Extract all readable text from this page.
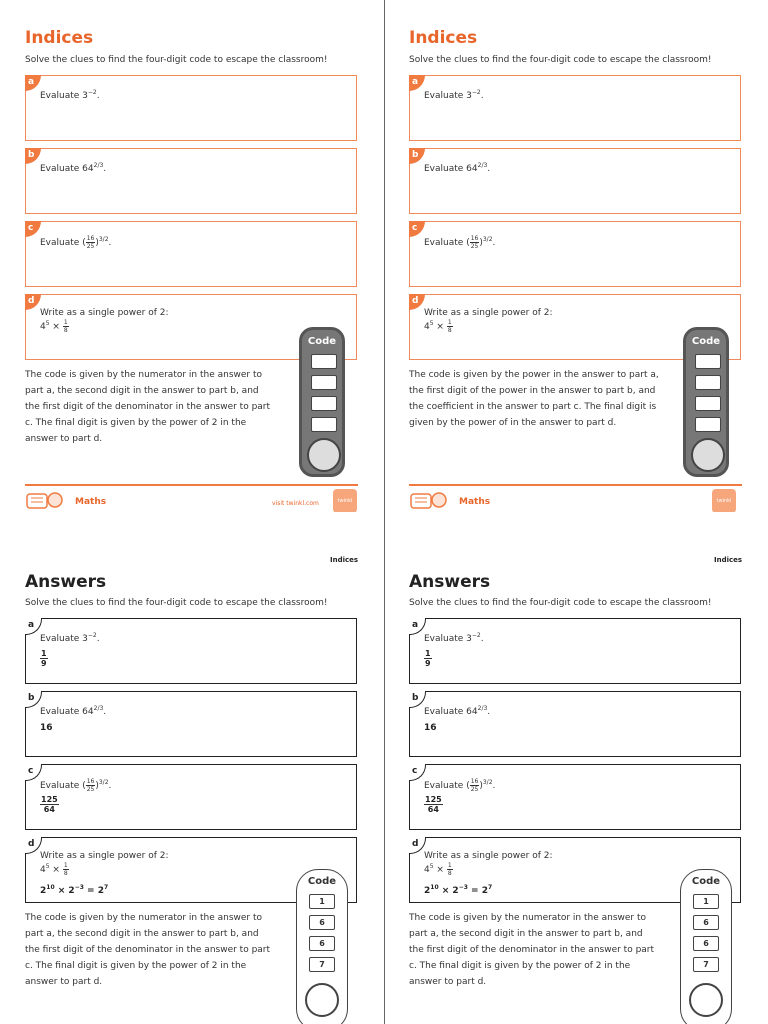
Indices
Solve the clues to find the four-digit code to escape the classroom!
a
Evaluate $3^{-2}$.
b
Evaluate $64^{2/3}$.
c
Evaluate ( $\frac{16}{25})^{3/2}$.
d
Write as a single power of 2:
$4^5 \times \frac{1}{8}$
The code is given by the numerator in the answer to part a, the second digit in the answer to part b, and the first digit of the denominator in the answer to part c. The final digit is given by the power of 2 in the answer to part d.
Code
Maths	visit twinkl.com	twinkl
Indices
Solve the clues to find the four-digit code to escape the classroom!
a
Evaluate $3^{-2}$.
b
Evaluate $64^{2/3}$.
c
Evaluate ( $\frac{16}{25})^{3/2}$.
d
Write as a single power of 2:
$4^5 \times \frac{1}{8}$
The code is given by the power in the answer to part a, the first digit of the power in the answer to part b, and the coefficient in the answer to part c. The final digit is given by the power of in the answer to part d.
Code
Maths	twinkl
Indices
Answers
Solve the clues to find the four-digit code to escape the classroom!
a
Evaluate $3^{-2}$.
$\frac{1}{9}$
b
Evaluate $64^{2/3}$.
16
c
Evaluate ( $\frac{16}{25})^{3/2}$.
$\frac{125}{64}$
d
Write as a single power of 2:
$4^5 \times \frac{1}{8}$
$2^{10} \times 2^{-3} = 2^7$
The code is given by the numerator in the answer to part a, the second digit in the answer to part b, and the first digit of the denominator in the answer to part c. The final digit is given by the power of 2 in the answer to part d.
Code
1
6
6
7
Indices
Answers
Solve the clues to find the four-digit code to escape the classroom!
a
Evaluate $3^{-2}$.
$\frac{1}{9}$
b
Evaluate $64^{2/3}$.
16
c
Evaluate ( $\frac{16}{25})^{3/2}$.
$\frac{125}{64}$
d
Write as a single power of 2:
$4^5 \times \frac{1}{8}$
$2^{10} \times 2^{-3} = 2^7$
The code is given by the numerator in the answer to part a, the second digit in the answer to part b, and the first digit of the denominator in the answer to part c. The final digit is given by the power of 2 in the answer to part d.
Code
1
6
6
7
